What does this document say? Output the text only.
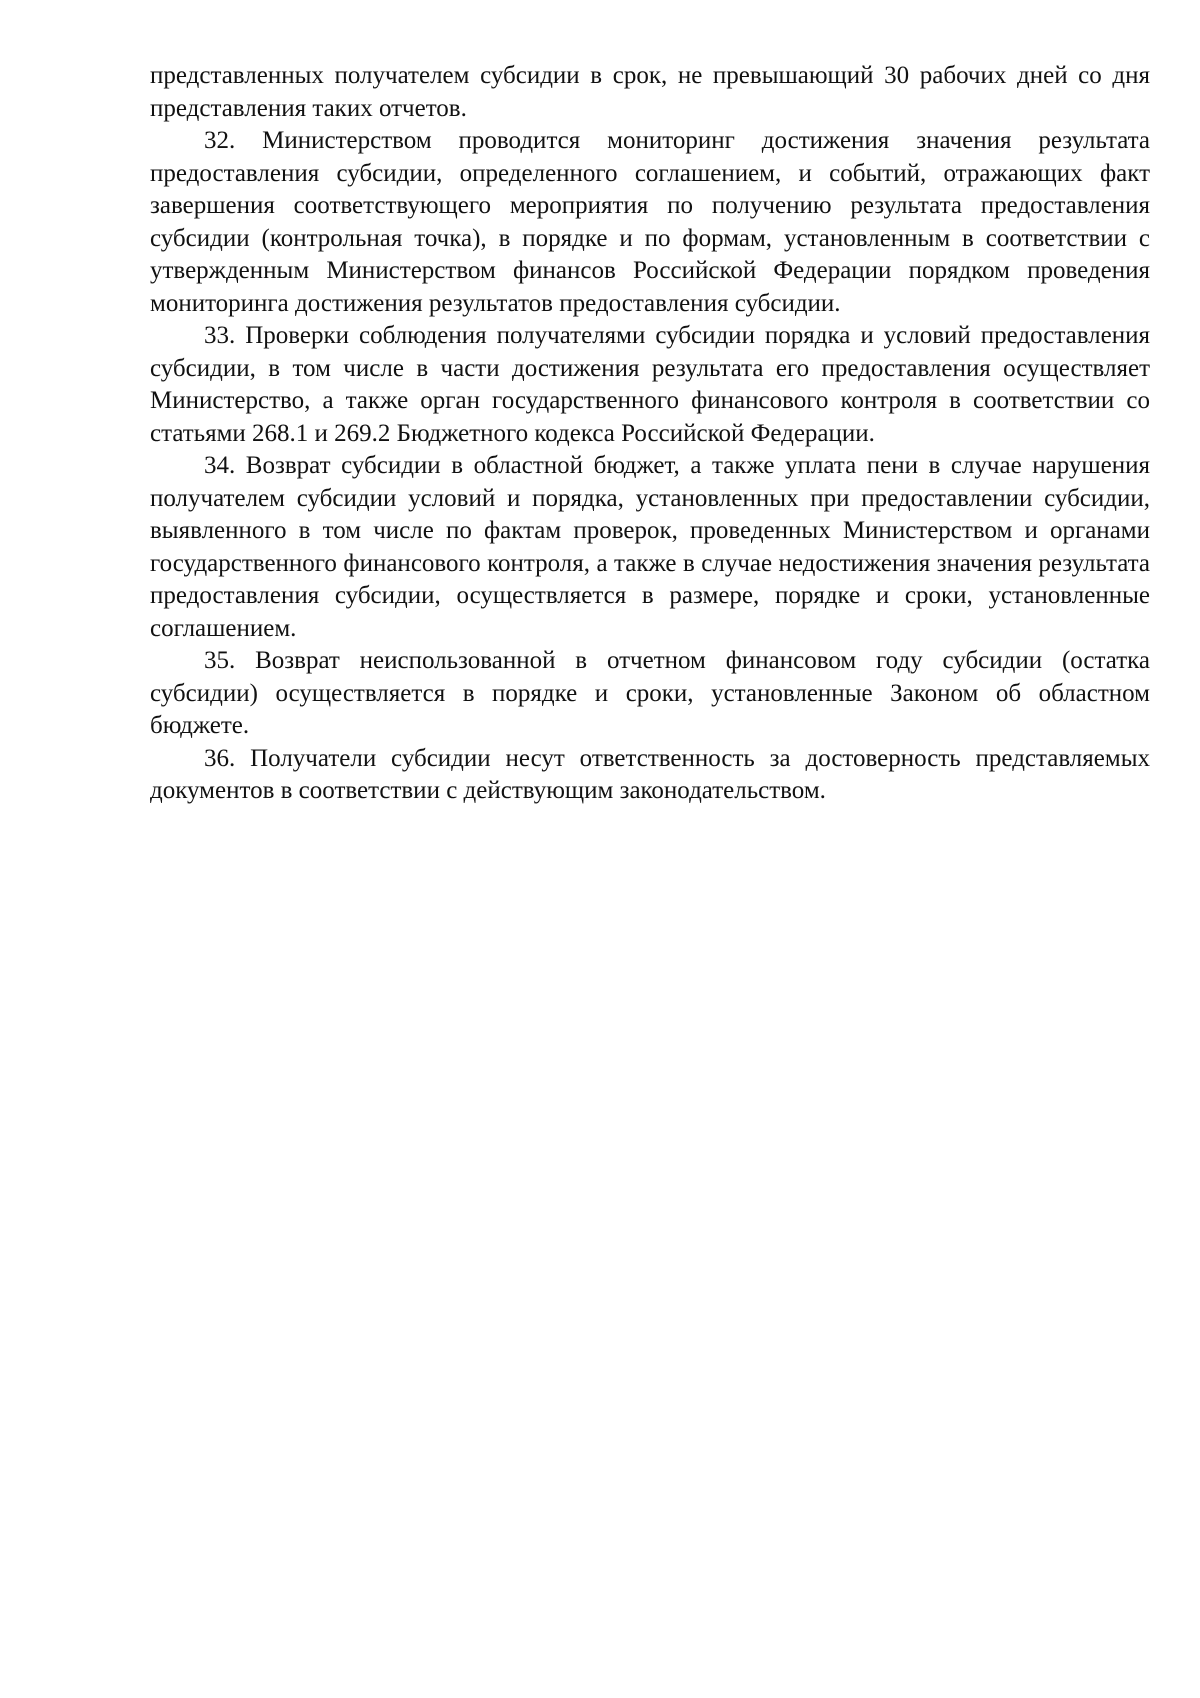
представленных получателем субсидии в срок, не превышающий 30 рабочих дней со дня представления таких отчетов.

32. Министерством проводится мониторинг достижения значения результата предоставления субсидии, определенного соглашением, и событий, отражающих факт завершения соответствующего мероприятия по получению результата предоставления субсидии (контрольная точка), в порядке и по формам, установленным в соответствии с утвержденным Министерством финансов Российской Федерации порядком проведения мониторинга достижения результатов предоставления субсидии.

33. Проверки соблюдения получателями субсидии порядка и условий предоставления субсидии, в том числе в части достижения результата его предоставления осуществляет Министерство, а также орган государственного финансового контроля в соответствии со статьями 268.1 и 269.2 Бюджетного кодекса Российской Федерации.

34. Возврат субсидии в областной бюджет, а также уплата пени в случае нарушения получателем субсидии условий и порядка, установленных при предоставлении субсидии, выявленного в том числе по фактам проверок, проведенных Министерством и органами государственного финансового контроля, а также в случае недостижения значения результата предоставления субсидии, осуществляется в размере, порядке и сроки, установленные соглашением.

35. Возврат неиспользованной в отчетном финансовом году субсидии (остатка субсидии) осуществляется в порядке и сроки, установленные Законом об областном бюджете.

36. Получатели субсидии несут ответственность за достоверность представляемых документов в соответствии с действующим законодательством.
